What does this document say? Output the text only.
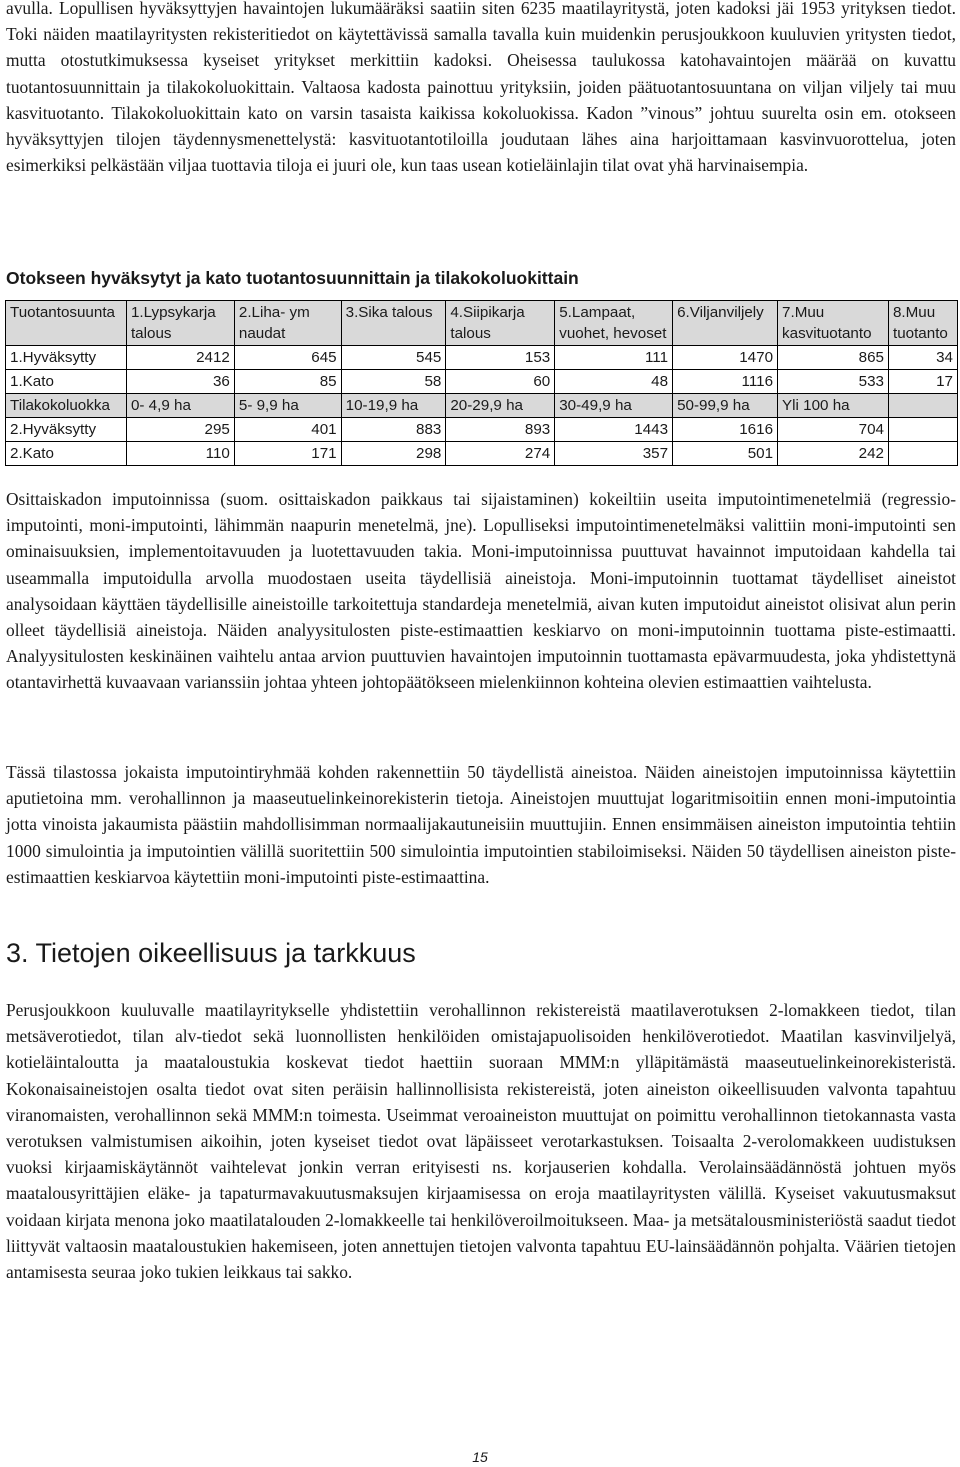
avulla. Lopullisen hyväksyttyjen havaintojen lukumääräksi saatiin siten 6235 maatilayritystä, joten kadoksi jäi 1953 yrityksen tiedot. Toki näiden maatilayritysten rekisteritiedot on käytettävissä samalla tavalla kuin muidenkin perusjoukkoon kuuluvien yritysten tiedot, mutta otostutkimuksessa kyseiset yritykset merkittiin kadoksi. Oheisessa taulukossa katohavaintojen määrää on kuvattu tuotantosuunnittain ja tilakokoluokittain. Valtaosa kadosta painottuu yrityksiin, joiden päätuotantosuuntana on viljan viljely tai muu kasvituotanto. Tilakokoluokittain kato on varsin tasaista kaikissa kokoluokissa. Kadon ”vinous” johtuu suurelta osin em. otokseen hyväksyttyjen tilojen täydennysmenettelystä: kasvituotantotiloilla joudutaan lähes aina harjoittamaan kasvinvuorottelua, joten esimerkiksi pelkästään viljaa tuottavia tiloja ei juuri ole, kun taas usean kotieläinlajin tilat ovat yhä harvinaisempia.

Otokseen hyväksytyt ja kato tuotantosuunnittain ja tilakokoluokittain
Tuotantosuunta	1.Lypsykarja talous	2.Liha- ym naudat	3.Sika talous	4.Siipikarja talous	5.Lampaat, vuohet, hevoset	6.Viljanviljely	7.Muu kasvituotanto	8.Muu tuotanto
1.Hyväksytty	2412	645	545	153	111	1470	865	34
1.Kato	36	85	58	60	48	1116	533	17
Tilakokoluokka	0- 4,9 ha	5- 9,9 ha	10-19,9 ha	20-29,9 ha	30-49,9 ha	50-99,9 ha	Yli 100 ha	
2.Hyväksytty	295	401	883	893	1443	1616	704	
2.Kato	110	171	298	274	357	501	242	

Osittaiskadon imputoinnissa (suom. osittaiskadon paikkaus tai sijaistaminen) kokeiltiin useita imputointimenetelmiä (regressio-imputointi, moni-imputointi, lähimmän naapurin menetelmä, jne). Lopulliseksi imputointimenetelmäksi valittiin moni-imputointi sen ominaisuuksien, implementoitavuuden ja luotettavuuden takia. Moni-imputoinnissa puuttuvat havainnot imputoidaan kahdella tai useammalla imputoidulla arvolla muodostaen useita täydellisiä aineistoja. Moni-imputoinnin tuottamat täydelliset aineistot analysoidaan käyttäen täydellisille aineistoille tarkoitettuja standardeja menetelmiä, aivan kuten imputoidut aineistot olisivat alun perin olleet täydellisiä aineistoja. Näiden analyysitulosten piste-estimaattien keskiarvo on moni-imputoinnin tuottama piste-estimaatti. Analyysitulosten keskinäinen vaihtelu antaa arvion puuttuvien havaintojen imputoinnin tuottamasta epävarmuudesta, joka yhdistettynä otantavirhettä kuvaavaan varianssiin johtaa yhteen johtopäätökseen mielenkiinnon kohteina olevien estimaattien vaihtelusta.

Tässä tilastossa jokaista imputointiryhmää kohden rakennettiin 50 täydellistä aineistoa. Näiden aineistojen imputoinnissa käytettiin aputietoina mm. verohallinnon ja maaseutuelinkeinorekisterin tietoja. Aineistojen muuttujat logaritmisoitiin ennen moni-imputointia jotta vinoista jakaumista päästiin mahdollisimman normaalijakautuneisiin muuttujiin. Ennen ensimmäisen aineiston imputointia tehtiin 1000 simulointia ja imputointien välillä suoritettiin 500 simulointia imputointien stabiloimiseksi. Näiden 50 täydellisen aineiston piste-estimaattien keskiarvoa käytettiin moni-imputointi piste-estimaattina.

3. Tietojen oikeellisuus ja tarkkuus

Perusjoukkoon kuuluvalle maatilayritykselle yhdistettiin verohallinnon rekistereistä maatilaverotuksen 2-lomakkeen tiedot, tilan metsäverotiedot, tilan alv-tiedot sekä luonnollisten henkilöiden omistajapuolisoiden henkilöverotiedot. Maatilan kasvinviljelyä, kotieläintaloutta ja maataloustukia koskevat tiedot haettiin suoraan MMM:n ylläpitämästä maaseutuelinkeinorekisteristä. Kokonaisaineistojen osalta tiedot ovat siten peräisin hallinnollisista rekistereistä, joten aineiston oikeellisuuden valvonta tapahtuu viranomaisten, verohallinnon sekä MMM:n toimesta. Useimmat veroaineiston muuttujat on poimittu verohallinnon tietokannasta vasta verotuksen valmistumisen aikoihin, joten kyseiset tiedot ovat läpäisseet verotarkastuksen. Toisaalta 2-verolomakkeen uudistuksen vuoksi kirjaamiskäytännöt vaihtelevat jonkin verran erityisesti ns. korjauserien kohdalla. Verolainsäädännöstä johtuen myös maatalousyrittäjien eläke- ja tapaturmavakuutusmaksujen kirjaamisessa on eroja maatilayritysten välillä. Kyseiset vakuutusmaksut voidaan kirjata menona joko maatilatalouden 2-lomakkeelle tai henkilöveroilmoitukseen. Maa- ja metsätalousministeriöstä saadut tiedot liittyvät valtaosin maataloustukien hakemiseen, joten annettujen tietojen valvonta tapahtuu EU-lainsäädännön pohjalta. Väärien tietojen antamisesta seuraa joko tukien leikkaus tai sakko.

15
